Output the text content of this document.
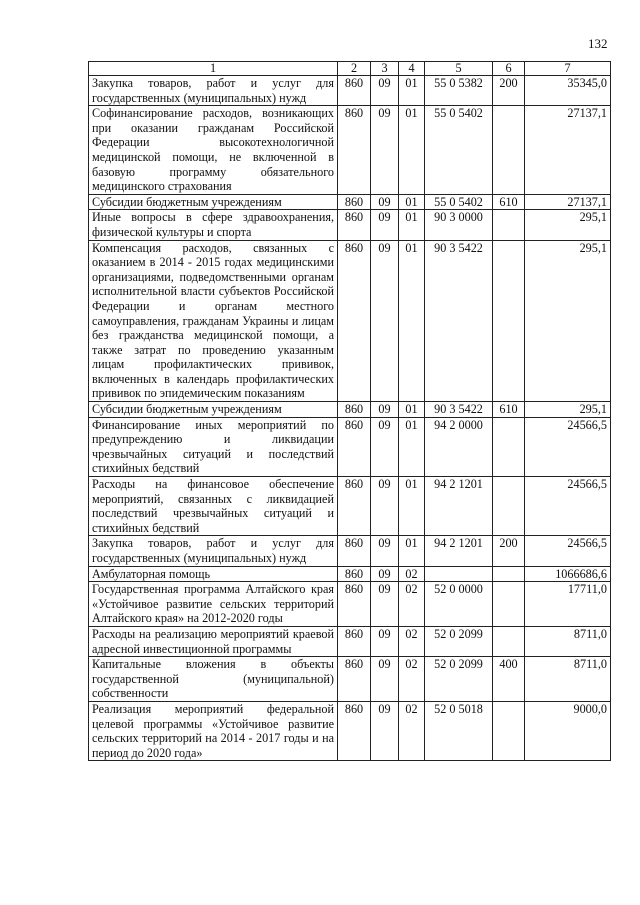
132
1	2	3	4	5	6	7
Закупка товаров, работ и услуг для государственных (муниципальных) нужд	860	09	01	55 0 5382	200	35345,0
Софинансирование расходов, возникающих при оказании гражданам Российской Федерации высокотехнологичной медицинской помощи, не включенной в базовую программу обязательного медицинского страхования	860	09	01	55 0 5402		27137,1
Субсидии бюджетным учреждениям	860	09	01	55 0 5402	610	27137,1
Иные вопросы в сфере здравоохранения, физической культуры и спорта	860	09	01	90 3 0000		295,1
Компенсация расходов, связанных с оказанием в 2014 - 2015 годах медицинскими организациями, подведомственными органам исполнительной власти субъектов Российской Федерации и органам местного самоуправления, гражданам Украины и лицам без гражданства медицинской помощи, а также затрат по проведению указанным лицам профилактических прививок, включенных в календарь профилактических прививок по эпидемическим показаниям	860	09	01	90 3 5422		295,1
Субсидии бюджетным учреждениям	860	09	01	90 3 5422	610	295,1
Финансирование иных мероприятий по предупреждению и ликвидации чрезвычайных ситуаций и последствий стихийных бедствий	860	09	01	94 2 0000		24566,5
Расходы на финансовое обеспечение мероприятий, связанных с ликвидацией последствий чрезвычайных ситуаций и стихийных бедствий	860	09	01	94 2 1201		24566,5
Закупка товаров, работ и услуг для государственных (муниципальных) нужд	860	09	01	94 2 1201	200	24566,5
Амбулаторная помощь	860	09	02			1066686,6
Государственная программа Алтайского края «Устойчивое развитие сельских территорий Алтайского края» на 2012-2020 годы	860	09	02	52 0 0000		17711,0
Расходы на реализацию мероприятий краевой адресной инвестиционной программы	860	09	02	52 0 2099		8711,0
Капитальные вложения в объекты государственной (муниципальной) собственности	860	09	02	52 0 2099	400	8711,0
Реализация мероприятий федеральной целевой программы «Устойчивое развитие сельских территорий на 2014 - 2017 годы и на период до 2020 года»	860	09	02	52 0 5018		9000,0
